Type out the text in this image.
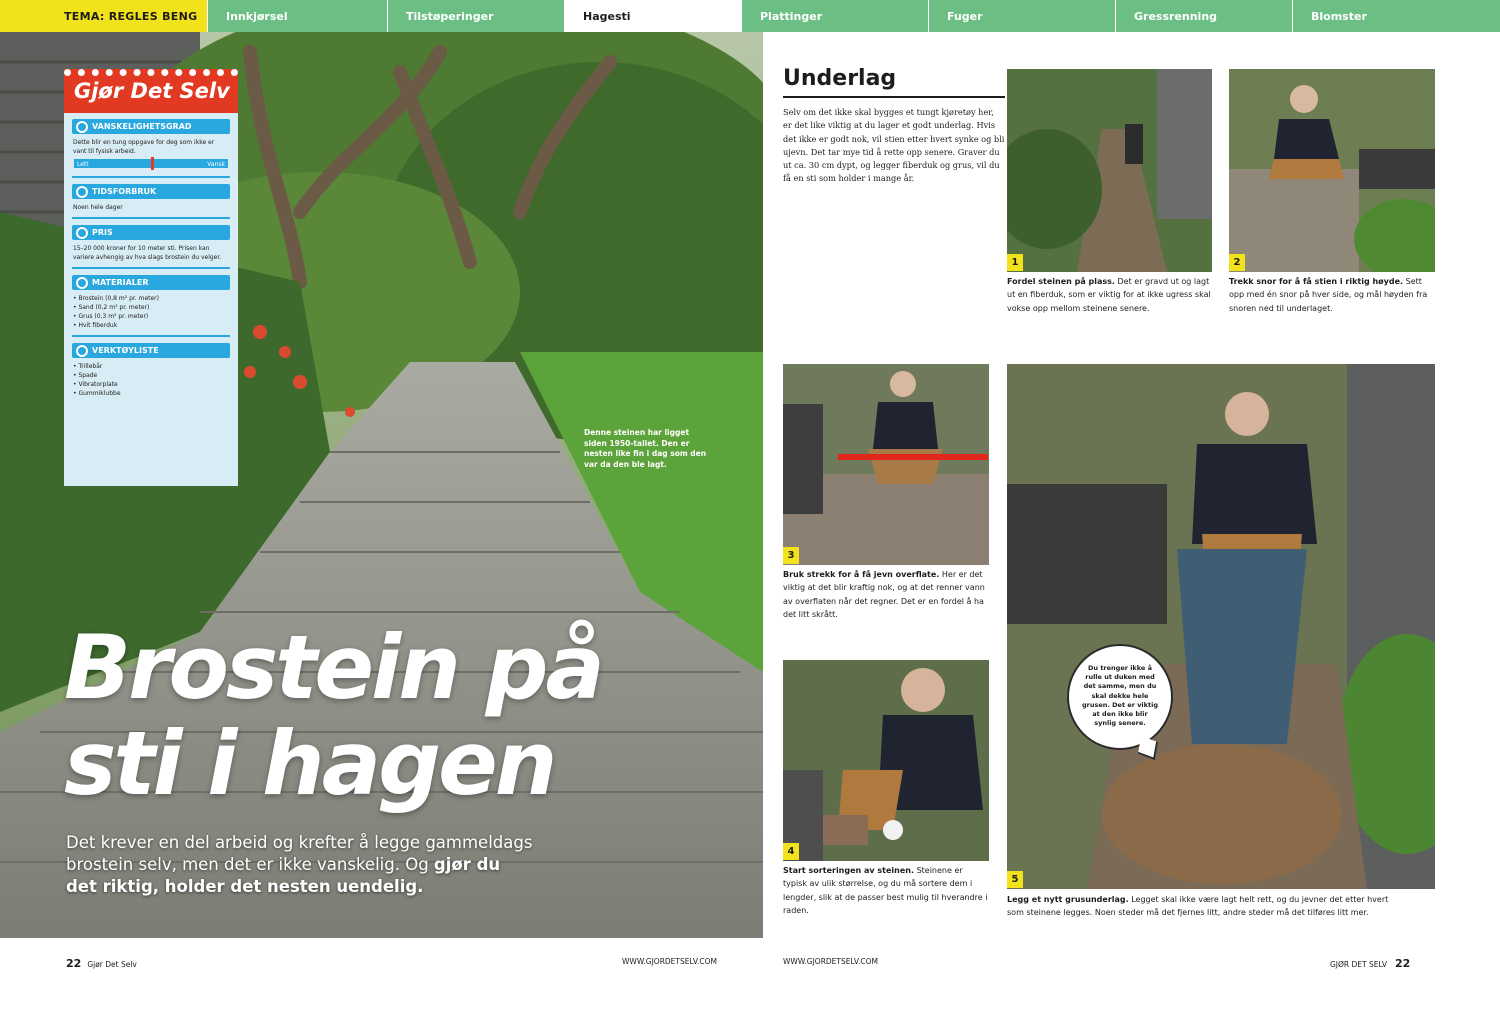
TEMA: REGLES BENG	Innkjørsel	Tilstøperinger	Hagesti	Plattinger	Fuger	Gressrenning	Blomster
Gjør Det Selv
VANSKELIGHETSGRAD
Dette blir en tung oppgave for deg som ikke er vant til fysisk arbeid.
Lett	Vansk
TIDSFORBRUK
Noen hele dager
PRIS
15–20 000 kroner for 10 meter sti. Prisen kan variere avhengig av hva slags brostein du velger.
MATERIALER
• Brostein (0,8 m² pr. meter)
• Sand (0,2 m³ pr. meter)
• Grus (0,3 m³ pr. meter)
• Hvit fiberduk
VERKTØYLISTE
• Trillebår
• Spade
• Vibratorplate
• Gummiklubbe
Denne steinen har ligget siden 1950-tallet. Den er nesten like fin i dag som den var da den ble lagt.
Brostein på
sti i hagen
Det krever en del arbeid og krefter å legge gammeldags brostein selv, men det er ikke vanskelig. Og gjør du det riktig, holder det nesten uendelig.
Underlag
Selv om det ikke skal bygges et tungt kjøretøy her, er det like viktig at du lager et godt underlag. Hvis det ikke er godt nok, vil stien etter hvert synke og bli ujevn. Det tar mye tid å rette opp senere. Graver du ut ca. 30 cm dypt, og legger fiberduk og grus, vil du få en sti som holder i mange år.
1
Fordel steinen på plass. Det er gravd ut og lagt ut en fiberduk, som er viktig for at ikke ugress skal vokse opp mellom steinene senere.
2
Trekk snor for å få stien i riktig høyde. Sett opp med én snor på hver side, og mål høyden fra snoren ned til underlaget.
3
Bruk strekk for å få jevn overflate. Her er det viktig at det blir kraftig nok, og at det renner vann av overflaten når det regner. Det er en fordel å ha det litt skrått.
4
Start sorteringen av steinen. Steinene er typisk av ulik størrelse, og du må sortere dem i lengder, slik at de passer best mulig til hverandre i raden.
5
Legg et nytt grusunderlag. Legget skal ikke være lagt helt rett, og du jevner det etter hvert som steinene legges. Noen steder må det fjernes litt, andre steder må det tilføres litt mer.
Du trenger ikke å rulle ut duken med det samme, men du skal dekke hele grusen. Det er viktig at den ikke blir synlig senere.
22 Gjør Det Selv	WWW.GJORDETSELV.COM	WWW.GJORDETSELV.COM	GJØR DET SELV 22
